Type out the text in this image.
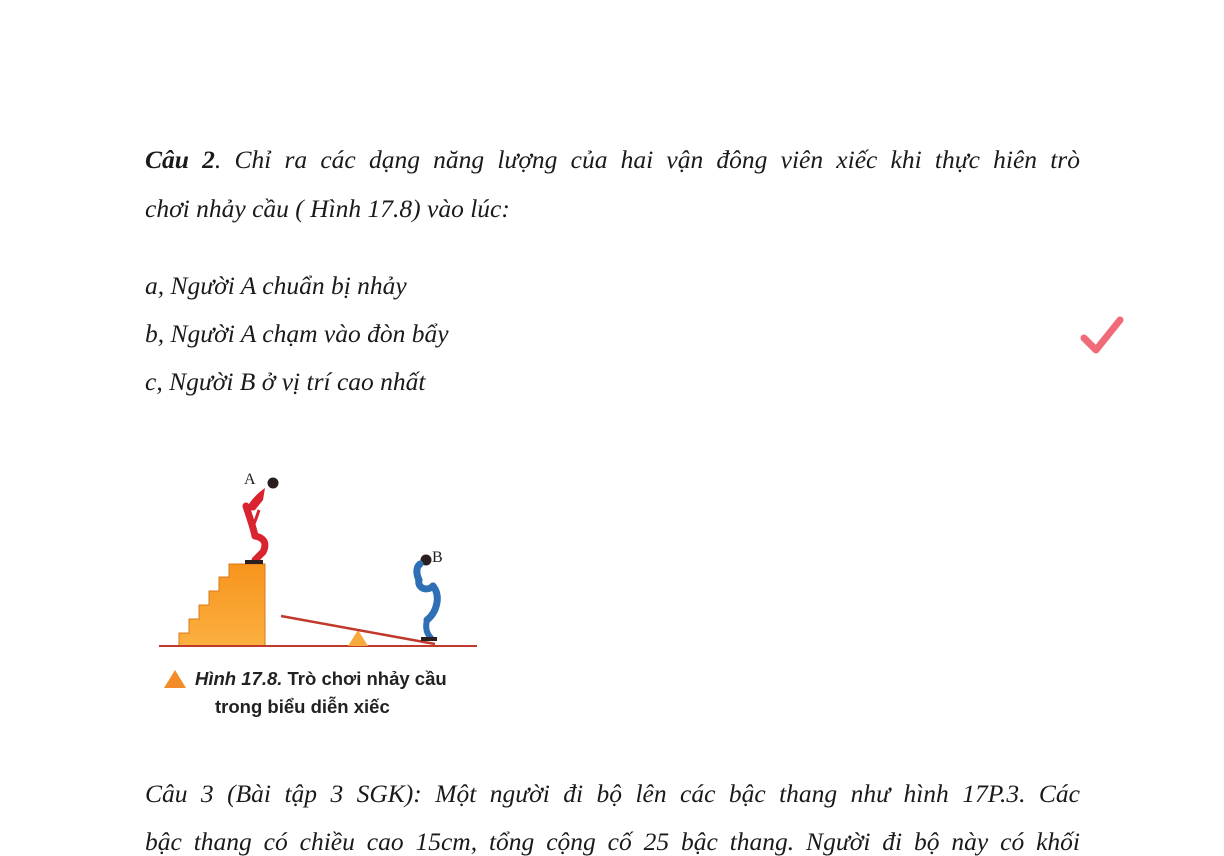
Câu 2. Chỉ ra các dạng năng lượng của hai vận đông viên xiếc khi thực hiên trò

chơi nhảy cầu ( Hình 17.8) vào lúc:

a, Người A chuẩn bị nhảy

b, Người A chạm vào đòn bẩy

c, Người B ở vị trí cao nhất

A
B
Hình 17.8. Trò chơi nhảy cầu
trong biểu diễn xiếc

Câu 3 (Bài tập 3 SGK): Một người đi bộ lên các bậc thang như hình 17P.3. Các

bậc thang có chiều cao 15cm, tổng cộng cố 25 bậc thang. Người đi bộ này có khối
